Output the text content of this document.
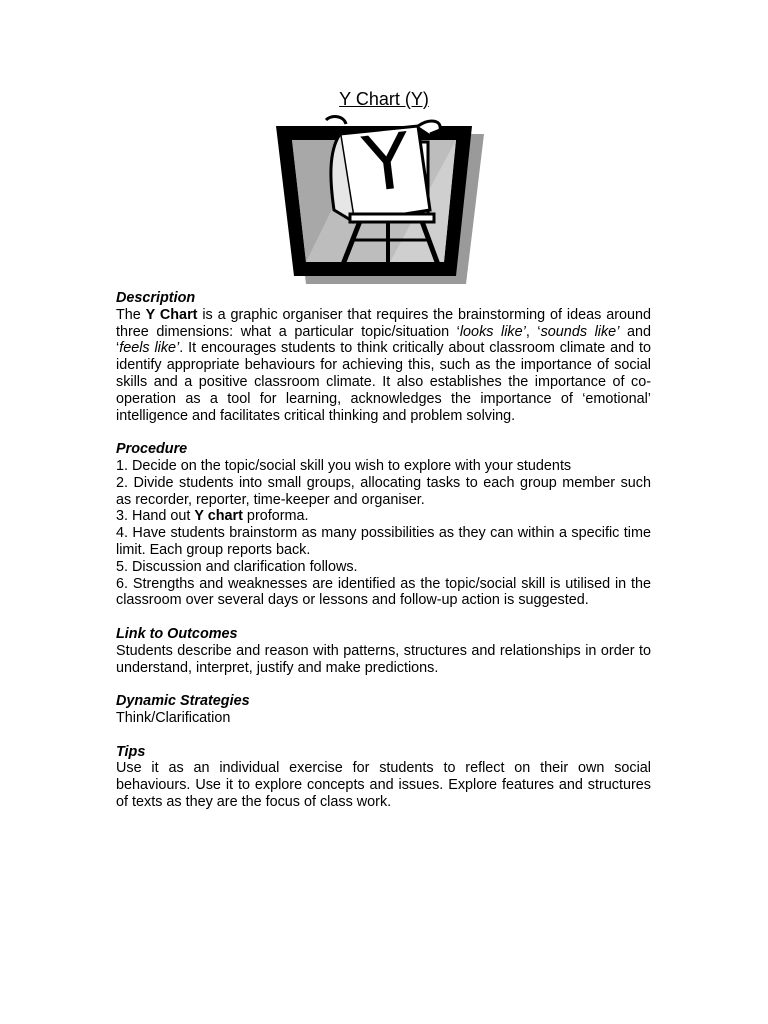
Y Chart (Y)
Y
Description

The Y Chart is a graphic organiser that requires the brainstorming of ideas around three dimensions: what a particular topic/situation ‘looks like’, ‘sounds like’ and ‘feels like’. It encourages students to think critically about classroom climate and to identify appropriate behaviours for achieving this, such as the importance of social skills and a positive classroom climate. It also establishes the importance of co-operation as a tool for learning, acknowledges the importance of ‘emotional’ intelligence and facilitates critical thinking and problem solving.

Procedure

1. Decide on the topic/social skill you wish to explore with your students

2. Divide students into small groups, allocating tasks to each group member such as recorder, reporter, time-keeper and organiser.

3. Hand out Y chart proforma.

4. Have students brainstorm as many possibilities as they can within a specific time limit. Each group reports back.

5. Discussion and clarification follows.

6. Strengths and weaknesses are identified as the topic/social skill is utilised in the classroom over several days or lessons and follow-up action is suggested.

Link to Outcomes

Students describe and reason with patterns, structures and relationships in order to understand, interpret, justify and make predictions.

Dynamic Strategies

Think/Clarification

Tips

Use it as an individual exercise for students to reflect on their own social behaviours. Use it to explore concepts and issues. Explore features and structures of texts as they are the focus of class work.
